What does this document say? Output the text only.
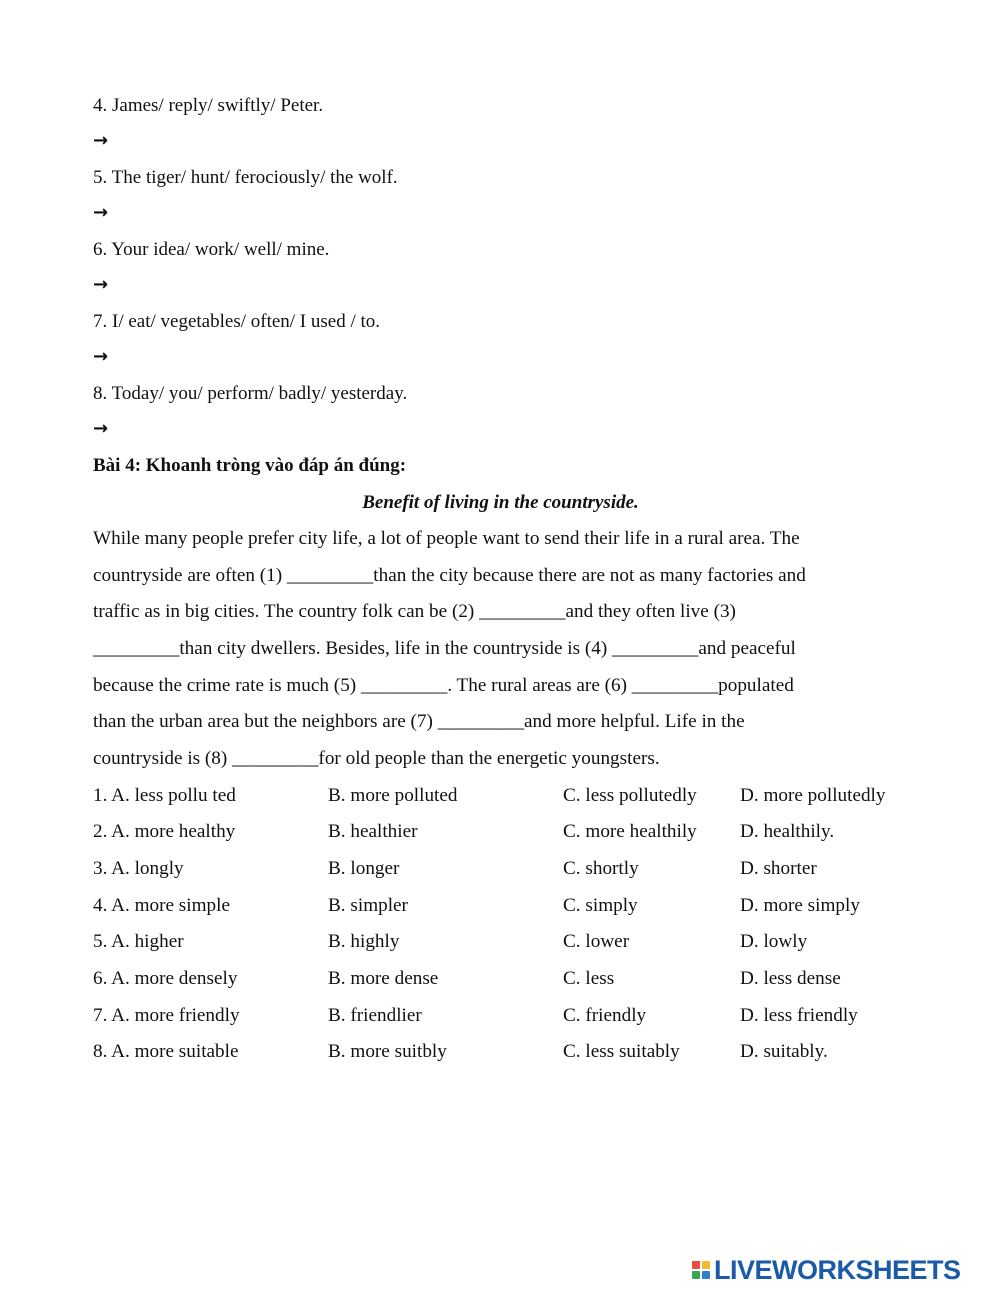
4. James/ reply/ swiftly/ Peter.
→
5. The tiger/ hunt/ ferociously/ the wolf.
→
6. Your idea/ work/ well/ mine.
→
7. I/ eat/ vegetables/ often/ I used / to.
→
8. Today/ you/ perform/ badly/ yesterday.
→
Bài 4: Khoanh tròng vào đáp án đúng:
Benefit of living in the countryside.
While many people prefer city life, a lot of people want to send their life in a rural area. The
countryside are often (1) _________than the city because there are not as many factories and
traffic as in big cities. The country folk can be (2) _________and they often live (3)
_________than city dwellers. Besides, life in the countryside is (4) _________and peaceful
because the crime rate is much (5) _________. The rural areas are (6) _________populated
than the urban area but the neighbors are (7) _________and more helpful. Life in the
countryside is (8) _________for old people than the energetic youngsters.
1. A. less pollu ted	B. more polluted	C. less pollutedly D. more pollutedly
2. A. more healthy	B. healthier	C. more healthily D. healthily.
3. A. longly	B. longer	C. shortly	D. shorter
4. A. more simple	B. simpler	C. simply	D. more simply
5. A. higher	B. highly	C. lower	D. lowly
6. A. more densely	B. more dense	C. less	D. less dense
7. A. more friendly	B. friendlier	C. friendly	D. less friendly
8. A. more suitable	B. more suitbly	C. less suitably	D. suitably.
LIVEWORKSHEETS
